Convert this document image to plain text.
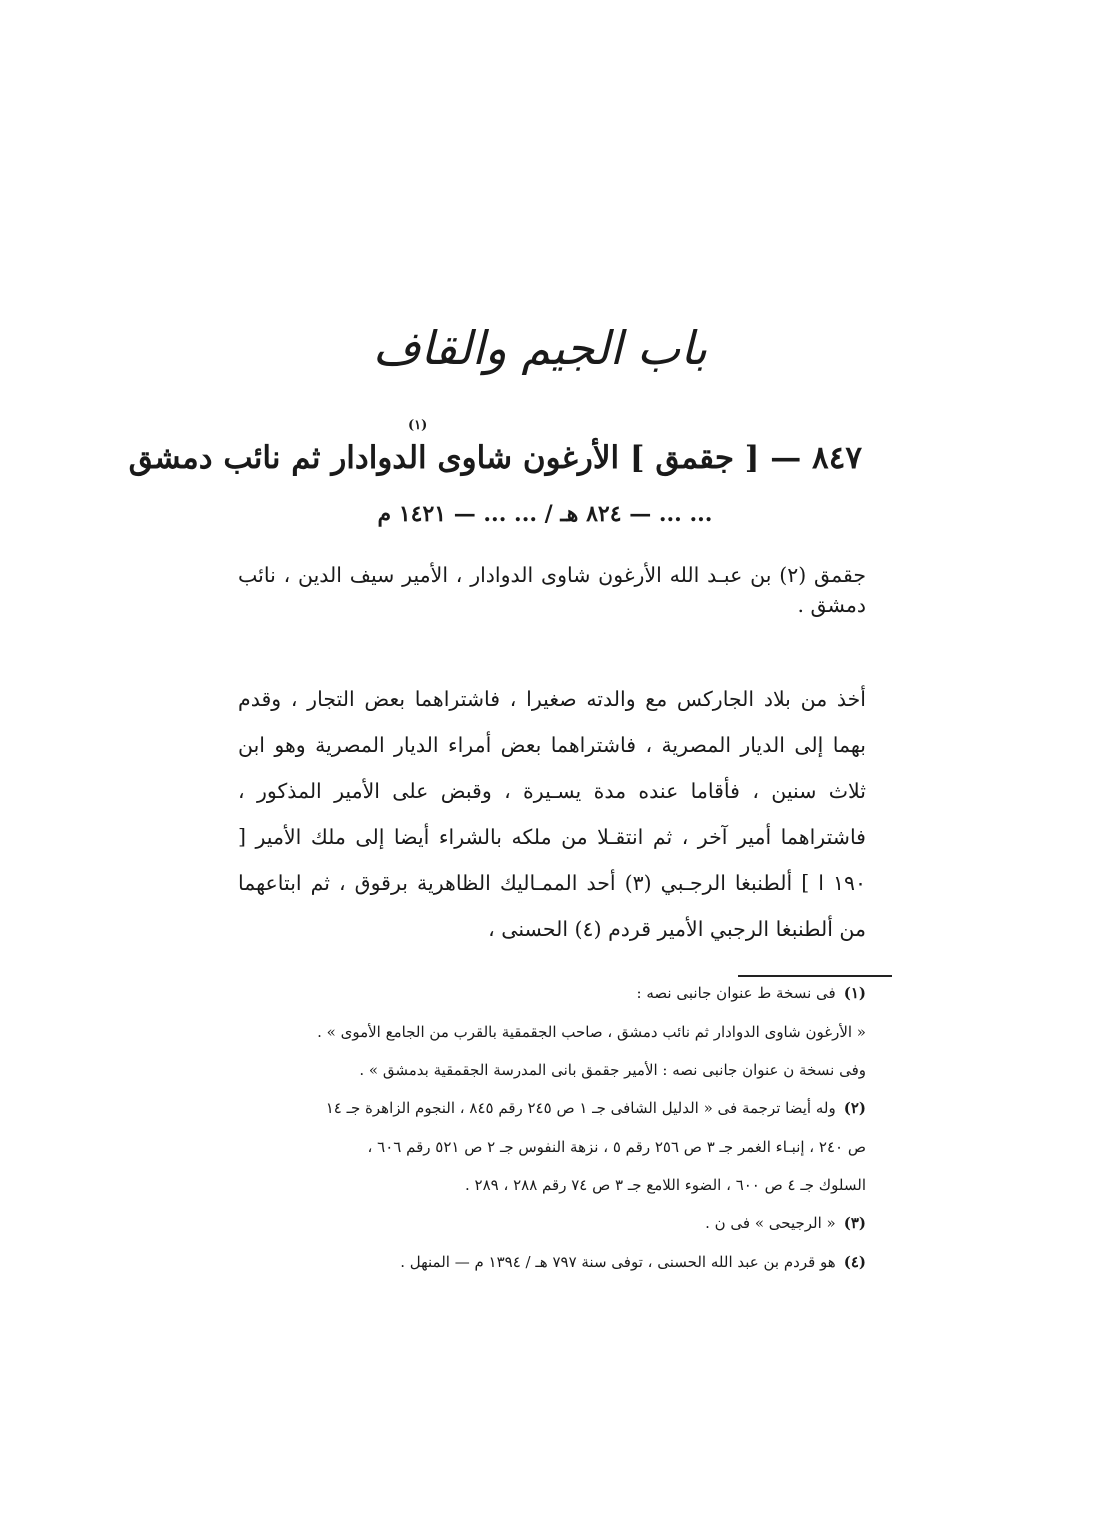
باب الجيم والقاف
٨٤٧ — [ جقمق ] الأرغون شاوى الدوادار ثم نائب دمشق
(١)
... ... — ٨٢٤ هـ / ... ... — ١٤٢١ م
جقمق (٢) بن عبـد الله الأرغون شاوى الدوادار ، الأمير سيف الدين ، نائب دمشق .
أخذ من بلاد الجاركس مع والدته صغيرا ، فاشتراهما بعض التجار ، وقدم بهما إلى الديار المصرية ، فاشتراهما بعض أمراء الديار المصرية وهو ابن ثلاث سنين ، فأقاما عنده مدة يسـيرة ، وقبض على الأمير المذكور ، فاشتراهما أمير آخر ، ثم انتقـلا من ملكه بالشراء أيضا إلى ملك الأمير [ ١٩٠ ا ] ألطنبغا الرجـبي (٣) أحد الممـاليك الظاهرية برقوق ، ثم ابتاعهما من ألطنبغا الرجبي الأمير قردم (٤) الحسنى ،
(١)فى نسخة ط عنوان جانبى نصه :
« الأرغون شاوى الدوادار ثم نائب دمشق ، صاحب الجقمقية بالقرب من الجامع الأموى » .
وفى نسخة ن عنوان جانبى نصه : الأمير جقمق بانى المدرسة الجقمقية بدمشق » .
(٢)وله أيضا ترجمة فى « الدليل الشافى جـ ١ ص ٢٤٥ رقم ٨٤٥ ، النجوم الزاهرة جـ ١٤
ص ٢٤٠ ، إنبـاء الغمر جـ ٣ ص ٢٥٦ رقم ٥ ، نزهة النفوس جـ ٢ ص ٥٢١ رقم ٦٠٦ ،
السلوك جـ ٤ ص ٦٠٠ ، الضوء اللامع جـ ٣ ص ٧٤ رقم ٢٨٨ ، ٢٨٩ .
(٣)« الرجيحى » فى ن .
(٤)هو قردم بن عبد الله الحسنى ، توفى سنة ٧٩٧ هـ / ١٣٩٤ م — المنهل .
